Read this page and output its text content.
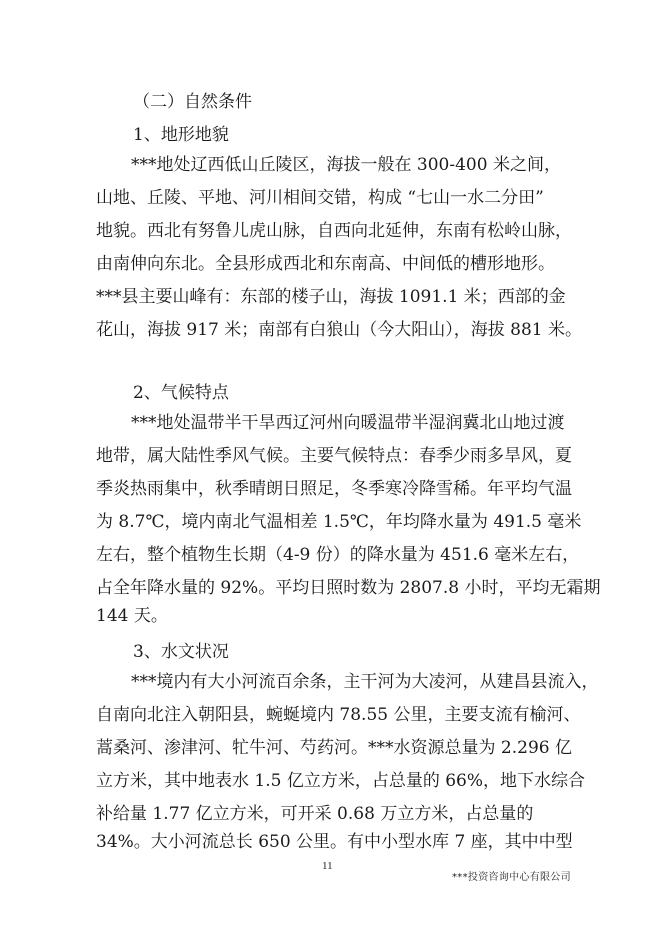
（二）自然条件

1、地形地貌

***地处辽西低山丘陵区，海拔一般在 300-400 米之间，

山地、丘陵、平地、河川相间交错，构成 “七山一水二分田”

地貌。西北有努鲁儿虎山脉，自西向北延伸，东南有松岭山脉，

由南伸向东北。全县形成西北和东南高、中间低的槽形地形。

***县主要山峰有：东部的楼子山，海拔 1091.1 米；西部的金

花山，海拔 917 米；南部有白狼山（今大阳山），海拔 881 米。

2、气候特点

***地处温带半干旱西辽河州向暖温带半湿润冀北山地过渡

地带，属大陆性季风气候。主要气候特点：春季少雨多旱风，夏

季炎热雨集中，秋季晴朗日照足，冬季寒冷降雪稀。年平均气温

为 8.7℃，境内南北气温相差 1.5℃，年均降水量为 491.5 毫米

左右，整个植物生长期（4-9 份）的降水量为 451.6 毫米左右，

占全年降水量的 92%。平均日照时数为 2807.8 小时，平均无霜期

144 天。

3、水文状况

***境内有大小河流百余条，主干河为大凌河，从建昌县流入，

自南向北注入朝阳县，蜿蜒境内 78.55 公里，主要支流有榆河、

蒿桑河、渗津河、牤牛河、芍药河。***水资源总量为 2.296 亿

立方米，其中地表水 1.5 亿立方米，占总量的 66%，地下水综合

补给量 1.77 亿立方米，可开采 0.68 万立方米，占总量的

34%。大小河流总长 650 公里。有中小型水库 7 座，其中中型

11
***投资咨询中心有限公司
